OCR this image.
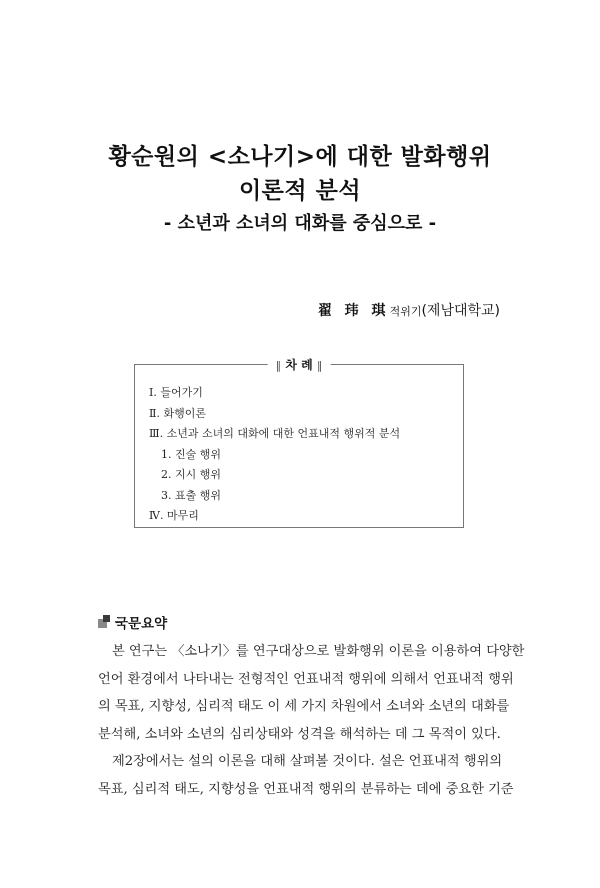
황순원의 <소나기>에 대한 발화행위
이론적 분석
- 소년과 소녀의 대화를 중심으로 -
翟 玮 琪적위기(제남대학교)
‖ 차 례 ‖
Ⅰ. 들어가기
Ⅱ. 화행이론
Ⅲ. 소년과 소녀의 대화에 대한 언표내적 행위적 분석
1. 진술 행위
2. 지시 행위
3. 표출 행위
Ⅳ. 마무리
국문요약

본 연구는 〈소나기〉를 연구대상으로 발화행위 이론을 이용하여 다양한
언어 환경에서 나타내는 전형적인 언표내적 행위에 의해서 언표내적 행위
의 목표, 지향성, 심리적 태도 이 세 가지 차원에서 소녀와 소년의 대화를
분석해, 소녀와 소년의 심리상태와 성격을 해석하는 데 그 목적이 있다.

제2장에서는 설의 이론을 대해 살펴볼 것이다. 설은 언표내적 행위의
목표, 심리적 태도, 지향성을 언표내적 행위의 분류하는 데에 중요한 기준
